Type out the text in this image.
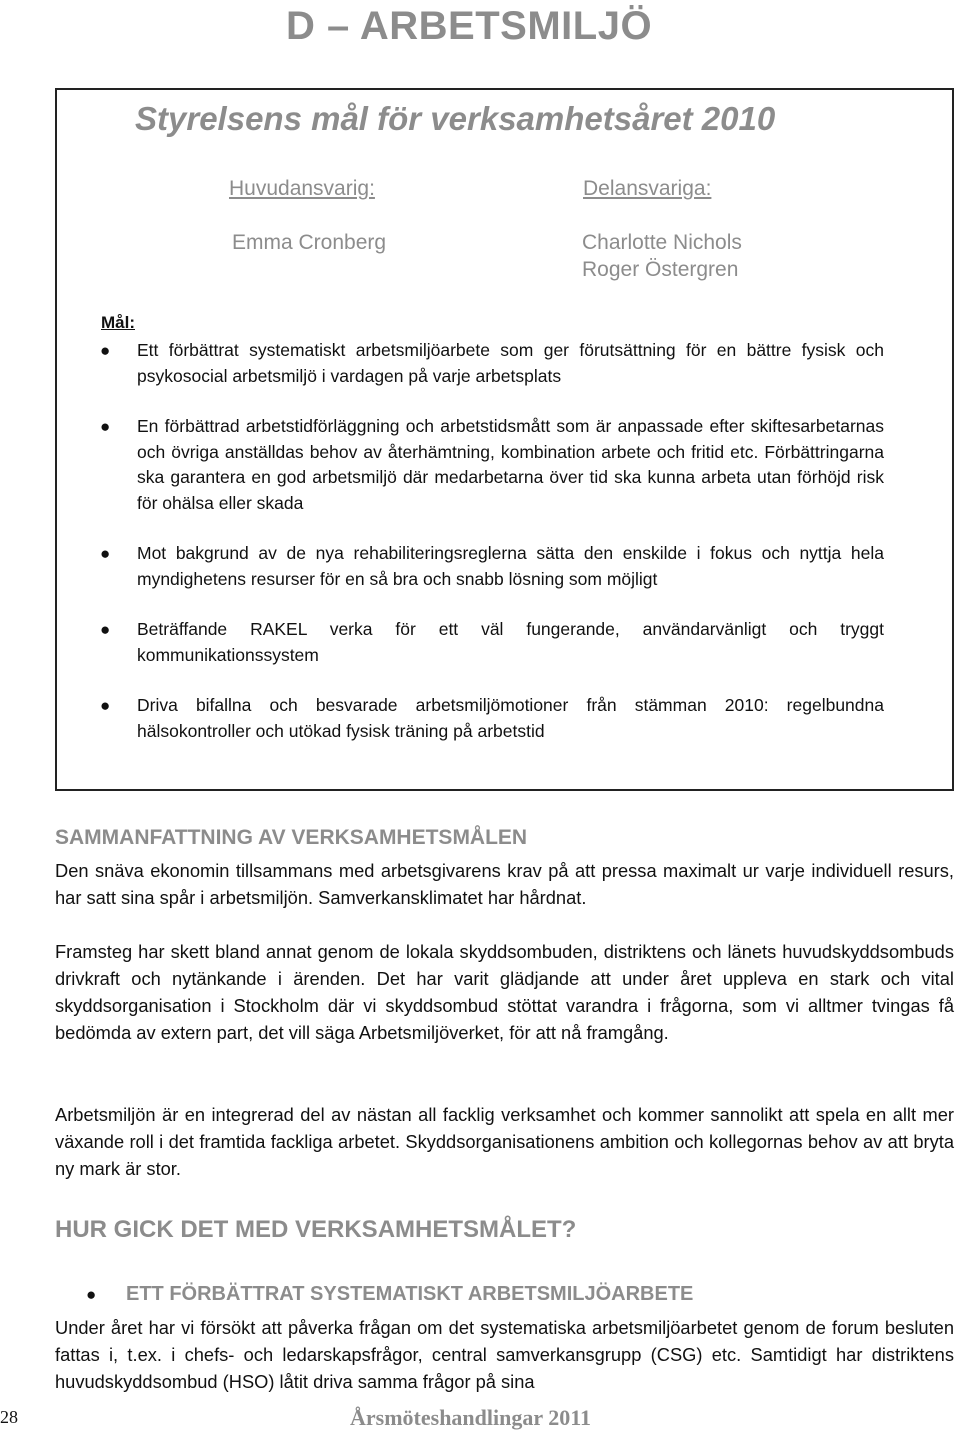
D – ARBETSMILJÖ
Styrelsens mål för verksamhetsåret 2010
Huvudansvarig:
Emma Cronberg
Delansvariga:
Charlotte Nichols
Roger Östergren
Mål:
● Ett förbättrat systematiskt arbetsmiljöarbete som ger förutsättning för en bättre fysisk och psykosocial arbetsmiljö i vardagen på varje arbetsplats
● En förbättrad arbetstidförläggning och arbetstidsmått som är anpassade efter skiftesarbetarnas och övriga anställdas behov av återhämtning, kombination arbete och fritid etc. Förbättringarna ska garantera en god arbetsmiljö där medarbetarna över tid ska kunna arbeta utan förhöjd risk för ohälsa eller skada
● Mot bakgrund av de nya rehabiliteringsreglerna sätta den enskilde i fokus och nyttja hela myndighetens resurser för en så bra och snabb lösning som möjligt
● Beträffande RAKEL verka för ett väl fungerande, användarvänligt och tryggt kommunikationssystem
● Driva bifallna och besvarade arbetsmiljömotioner från stämman 2010: regelbundna hälsokontroller och utökad fysisk träning på arbetstid
SAMMANFATTNING AV VERKSAMHETSMÅLEN

Den snäva ekonomin tillsammans med arbetsgivarens krav på att pressa maximalt ur varje individuell resurs, har satt sina spår i arbetsmiljön. Samverkansklimatet har hårdnat.

Framsteg har skett bland annat genom de lokala skyddsombuden, distriktens och länets huvudskyddsombuds drivkraft och nytänkande i ärenden. Det har varit glädjande att under året uppleva en stark och vital skyddsorganisation i Stockholm där vi skyddsombud stöttat varandra i frågorna, som vi alltmer tvingas få bedömda av extern part, det vill säga Arbetsmiljöverket, för att nå framgång.

Arbetsmiljön är en integrerad del av nästan all facklig verksamhet och kommer sannolikt att spela en allt mer växande roll i det framtida fackliga arbetet. Skyddsorganisationens ambition och kollegornas behov av att bryta ny mark är stor.

HUR GICK DET MED VERKSAMHETSMÅLET?
● ETT FÖRBÄTTRAT SYSTEMATISKT ARBETSMILJÖARBETE

Under året har vi försökt att påverka frågan om det systematiska arbetsmiljöarbetet genom de forum besluten fattas i, t.ex. i chefs- och ledarskapsfrågor, central samverkansgrupp (CSG) etc. Samtidigt har distriktens huvudskyddsombud (HSO) låtit driva samma frågor på sina

28	Årsmöteshandlingar 2011
